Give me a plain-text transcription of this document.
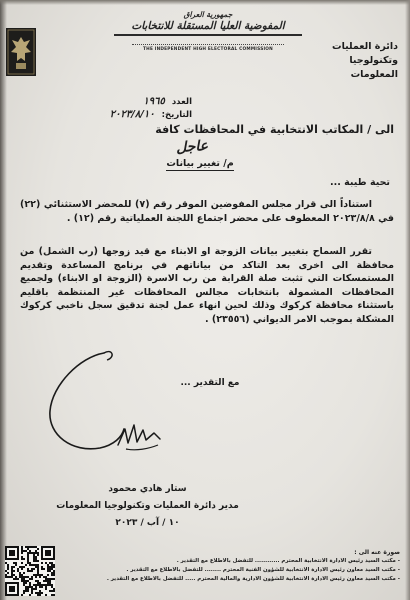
دائرة العمليات وتكنولوجيا
المعلومات
جمهورية العراق
المفوضية العليا المستقلة للانتخابات
THE INDEPENDENT HIGH ELECTORAL COMMISSION
العدد ١٩٦٥
التاريخ: ٢٠٢٣/٨/١٠
الى / المكاتب الانتخابية في المحافظات كافة
عاجل
م/ تغيير بيانات
تحية طيبة ...
استناداً الى قرار مجلس المفوضين الموقر رقم (٧) للمحضر الاستثنائي (٢٢) في ٢٠٢٣/٨/٨ المعطوف على محضر اجتماع اللجنة العملياتية رقم (١٢) .
تقرر السماح بتغيير بيانات الزوجة او الابناء مع قيد زوجها (رب الشمل) من محافظة الى اخرى بعد التاكد من بياناتهم في برنامج المساعدة وتقديم المستمسكات التي تثبت صلة القرابة من رب الاسرة (الزوجة او الابناء) ولجميع المحافظات المشمولة بانتخابات مجالس المحافظات غير المنتظمة باقليم باستثناء محافظة كركوك وذلك لحين انهاء عمل لجنة تدقيق سجل ناخبي كركوك المشكلة بموجب الامر الديواني (٢٣٥٥٦) .
مع التقدير ...
ستار هادي محمود
مدير دائرة العمليات وتكنولوجيا المعلومات
١٠ / آب / ٢٠٢٣
صورة عنه الى :
- مكتب السيد رئيس الادارة الانتخابية المحترم ............ للتفضل بالاطلاع مع التقدير .
- مكتب السيد معاون رئيس الادارة الانتخابية للشؤون الفنية المحترم ........ للتفضل بالاطلاع مع التقدير .
- مكتب السيد معاون رئيس الادارة الانتخابية للشؤون الادارية والمالية المحترم ..... للتفضل بالاطلاع مع التقدير .
